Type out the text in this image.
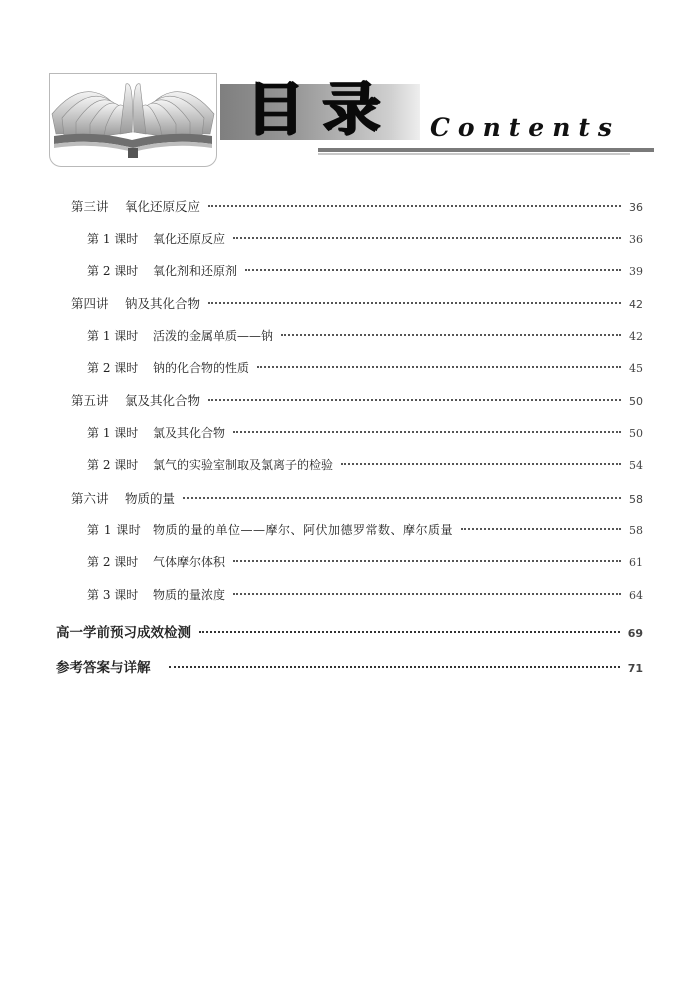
目 录 Contents
第三讲 氧化还原反应	36
第 1 课时 氧化还原反应	36
第 2 课时 氧化剂和还原剂	39
第四讲 钠及其化合物	42
第 1 课时 活泼的金属单质——钠	42
第 2 课时 钠的化合物的性质	45
第五讲 氯及其化合物	50
第 1 课时 氯及其化合物	50
第 2 课时 氯气的实验室制取及氯离子的检验	54
第六讲 物质的量	58
第 1 课时 物质的量的单位——摩尔、阿伏加德罗常数、摩尔质量	58
第 2 课时 气体摩尔体积	61
第 3 课时 物质的量浓度	64
高一学前预习成效检测	69
参考答案与详解	71
